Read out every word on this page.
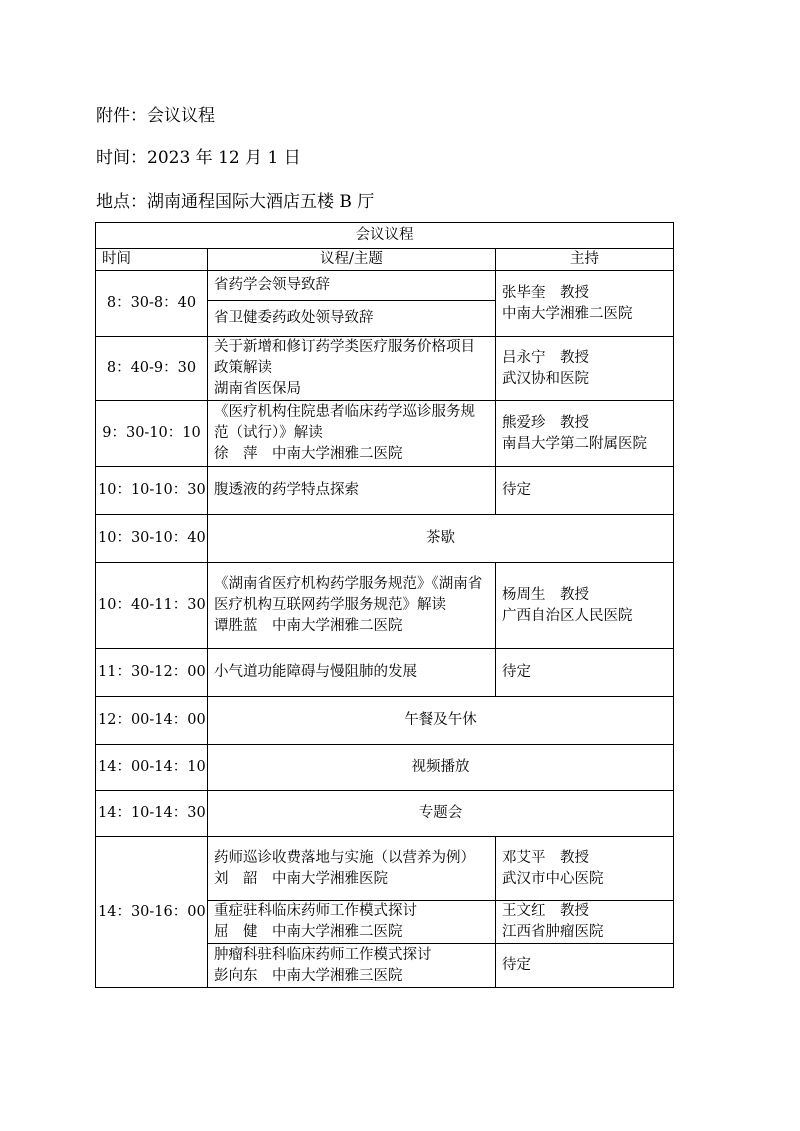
附件：会议议程
时间：2023 年 12 月 1 日
地点：湖南通程国际大酒店五楼 B 厅
会议议程		
时间	议程/主题	主持
8：30-8：40	省药学会领导致辞	张毕奎　教授
中南大学湘雅二医院

	省卫健委药政处领导致辞	
8：40-9：30	关于新增和修订药学类医疗服务价格项目政策解读
湖南省医保局	吕永宁　教授
武汉协和医院

9：30-10：10	《医疗机构住院患者临床药学巡诊服务规范（试行）》解读
徐　萍　中南大学湘雅二医院	熊爱珍　教授
南昌大学第二附属医院

10：10-10：30	腹透液的药学特点探索	待定
10：30-10：40	茶歇	
10：40-11：30	《湖南省医疗机构药学服务规范》《湖南省医疗机构互联网药学服务规范》解读
谭胜蓝　中南大学湘雅二医院	杨周生　教授
广西自治区人民医院

11：30-12：00	小气道功能障碍与慢阻肺的发展	待定
12：00-14：00	午餐及午休	
14：00-14：10	视频播放	
14：10-14：30	专题会	
14：30-16：00	药师巡诊收费落地与实施（以营养为例）
刘　韶　中南大学湘雅医院	邓艾平　教授
武汉市中心医院

	重症驻科临床药师工作模式探讨
屈　健　中南大学湘雅二医院	王文红　教授
江西省肿瘤医院

	肿瘤科驻科临床药师工作模式探讨
彭向东　中南大学湘雅三医院	待定
